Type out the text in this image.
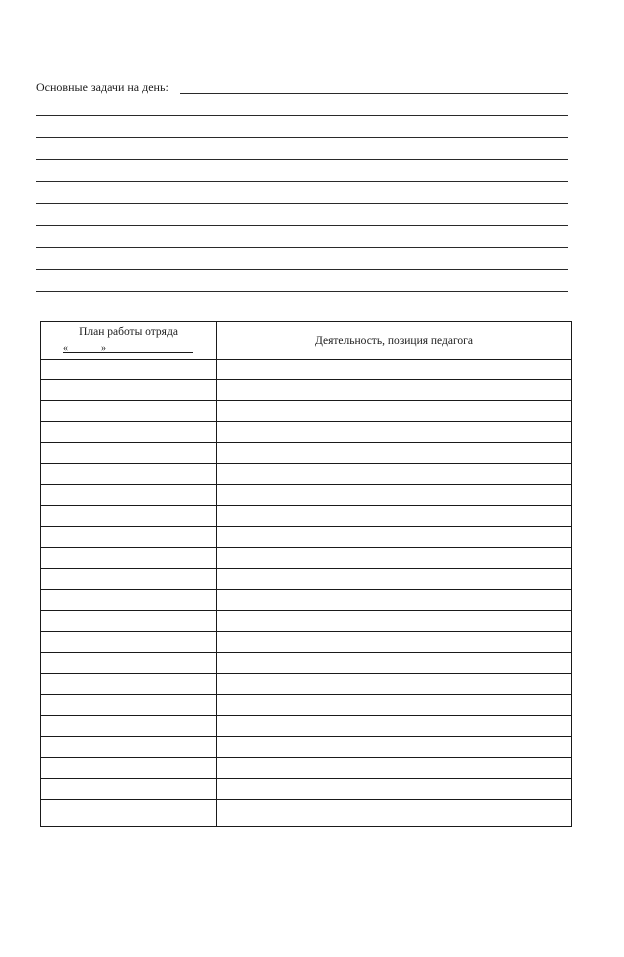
Основные задачи на день:
План работы отряда
«	»
Деятельность, позиция педагога
